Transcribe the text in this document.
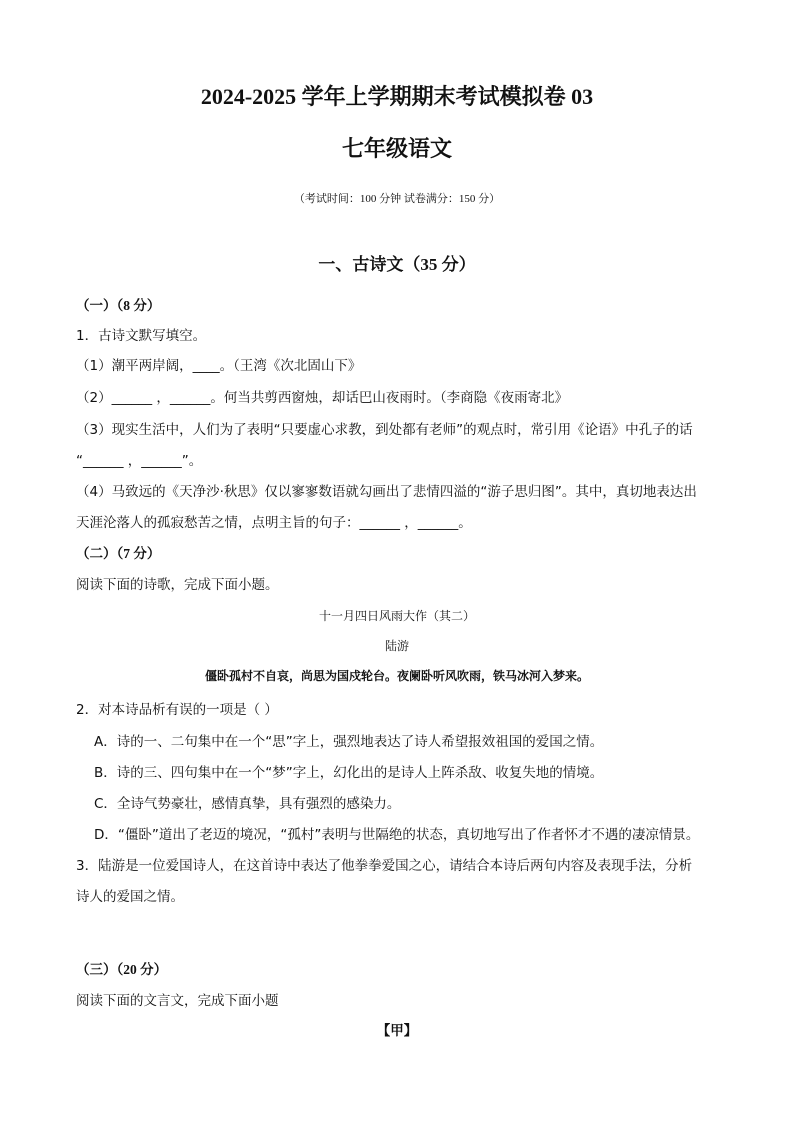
2024-2025 学年上学期期末考试模拟卷 03
七年级语文
（考试时间：100 分钟 试卷满分：150 分）
一、古诗文（35 分）
（一）（8 分）
1．古诗文默写填空。
（1）潮平两岸阔，____。（王湾《次北固山下》
（2）______ ，______。何当共剪西窗烛，却话巴山夜雨时。（李商隐《夜雨寄北》
（3）现实生活中，人们为了表明“只要虚心求教，到处都有老师”的观点时，常引用《论语》中孔子的话
“______ ，______”。
（4）马致远的《天净沙·秋思》仅以寥寥数语就勾画出了悲情四溢的“游子思归图”。其中，真切地表达出
天涯沦落人的孤寂愁苦之情，点明主旨的句子：______ ，______。
（二）（7 分）
阅读下面的诗歌，完成下面小题。
十一月四日风雨大作（其二）
陆游
僵卧孤村不自哀，尚思为国戍轮台。夜阑卧听风吹雨，铁马冰河入梦来。
2．对本诗品析有误的一项是（ ）
A．诗的一、二句集中在一个“思”字上，强烈地表达了诗人希望报效祖国的爱国之情。
B．诗的三、四句集中在一个“梦”字上，幻化出的是诗人上阵杀敌、收复失地的情境。
C．全诗气势豪壮，感情真挚，具有强烈的感染力。
D．“僵卧”道出了老迈的境况，“孤村”表明与世隔绝的状态，真切地写出了作者怀才不遇的凄凉情景。
3．陆游是一位爱国诗人，在这首诗中表达了他拳拳爱国之心，请结合本诗后两句内容及表现手法，分析
诗人的爱国之情。
（三）（20 分）
阅读下面的文言文，完成下面小题
【甲】
